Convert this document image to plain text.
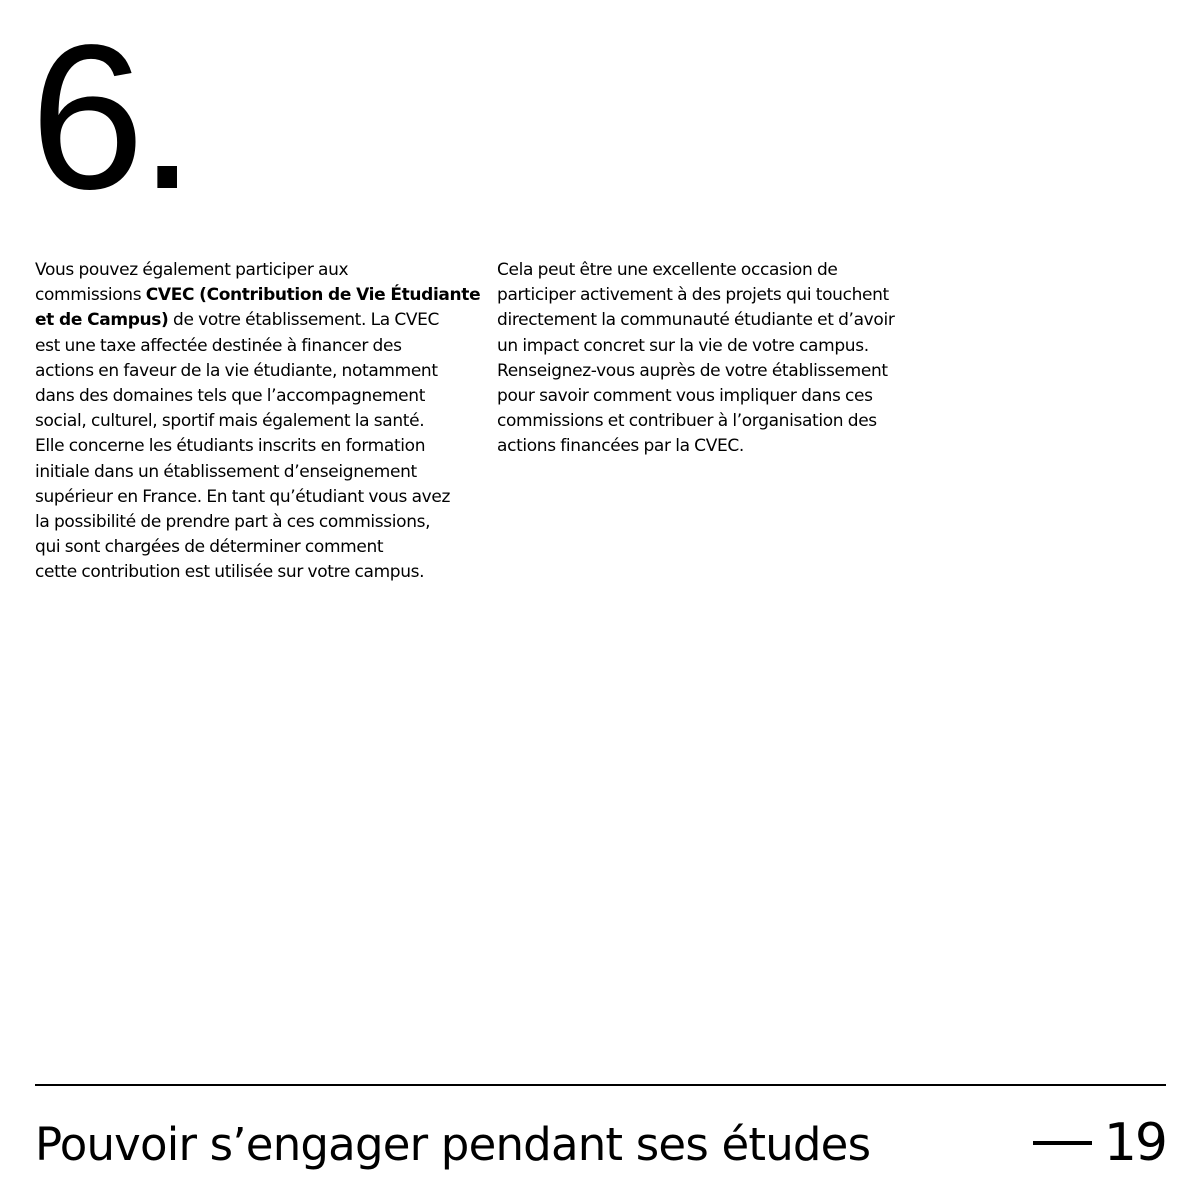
6.
Vous pouvez également participer aux
commissions CVEC (Contribution de Vie Étudiante
et de Campus) de votre établissement. La CVEC
est une taxe affectée destinée à financer des
actions en faveur de la vie étudiante, notamment
dans des domaines tels que l’accompagnement
social, culturel, sportif mais également la santé.
Elle concerne les étudiants inscrits en formation
initiale dans un établissement d’enseignement
supérieur en France. En tant qu’étudiant vous avez
la possibilité de prendre part à ces commissions,
qui sont chargées de déterminer comment
cette contribution est utilisée sur votre campus.
Cela peut être une excellente occasion de
participer activement à des projets qui touchent
directement la communauté étudiante et d’avoir
un impact concret sur la vie de votre campus.
Renseignez-vous auprès de votre établissement
pour savoir comment vous impliquer dans ces
commissions et contribuer à l’organisation des
actions financées par la CVEC.
Pouvoir s’engager pendant ses études	19
